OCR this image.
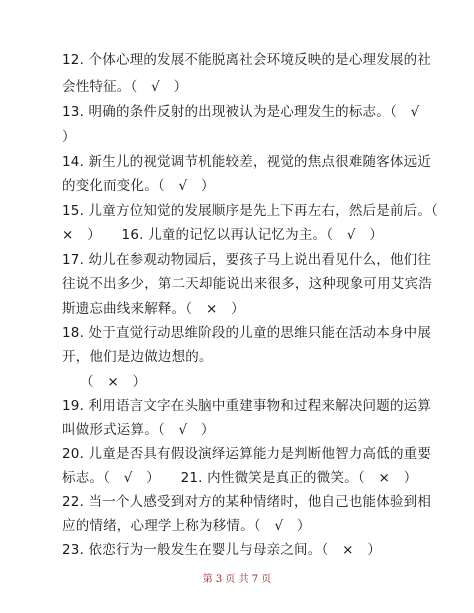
12. 个体心理的发展不能脱离社会环境反映的是心理发展的社
会性特征。（　√　）
13. 明确的条件反射的出现被认为是心理发生的标志。（　√
）
14. 新生儿的视觉调节机能较差，视觉的焦点很难随客体远近
的变化而变化。（　√　）
15. 儿童方位知觉的发展顺序是先上下再左右，然后是前后。（
×　）　　16. 儿童的记忆以再认记忆为主。（　√　）
17. 幼儿在参观动物园后，要孩子马上说出看见什么，他们往
往说不出多少，第二天却能说出来很多，这种现象可用艾宾浩
斯遗忘曲线来解释。（　×　）
18. 处于直觉行动思维阶段的儿童的思维只能在活动本身中展
开，他们是边做边想的。
（　×　）
19. 利用语言文字在头脑中重建事物和过程来解决问题的运算
叫做形式运算。（　√　）
20. 儿童是否具有假设演绎运算能力是判断他智力高低的重要
标志。（　√　）　　21. 内性微笑是真正的微笑。（　×　）
22. 当一个人感受到对方的某种情绪时，他自己也能体验到相
应的情绪，心理学上称为移情。（　√　）
23. 依恋行为一般发生在婴儿与母亲之间。（　×　）
第 3 页 共 7 页
